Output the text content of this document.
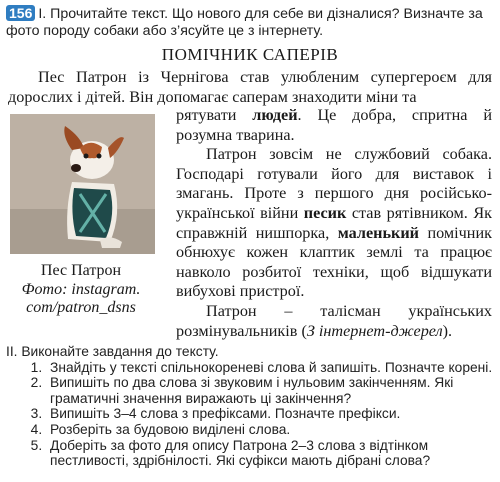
156 І. Прочитайте текст. Що нового для себе ви дізналися? Визначте за фото породу собаки або з’ясуйте це з інтернету.
ПОМІЧНИК САПЕРІВ

Пес Патрон із Чернігова став улюбленим супергероєм для дорослих і дітей. Він допомагає саперам знаходити міни та

Пес Патрон
Фото: instagram. com/patron_dsns

рятувати людей. Це добра, спритна й розумна тварина.

Патрон зовсім не службовий собака. Господарі готували його для виставок і змагань. Проте з першого дня російсько-української війни песик став рятівником. Як справжній нишпорка, маленький помічник обнюхує кожен клаптик землі та працює навколо розбитої техніки, щоб відшукати вибухові пристрої.

Патрон – талісман українських розмінувальників (З інтернет-джерел).

ІІ. Виконайте завдання до тексту.
1. Знайдіть у тексті спільнокореневі слова й запишіть. Позначте корені.
2. Випишіть по два слова зі звуковим і нульовим закінченням. Які граматичні значення виражають ці закінчення?
3. Випишіть 3–4 слова з префіксами. Позначте префікси.
4. Розберіть за будовою виділені слова.
5. Доберіть за фото для опису Патрона 2–3 слова з відтінком пестливості, здрібнілості. Які суфікси мають дібрані слова?
